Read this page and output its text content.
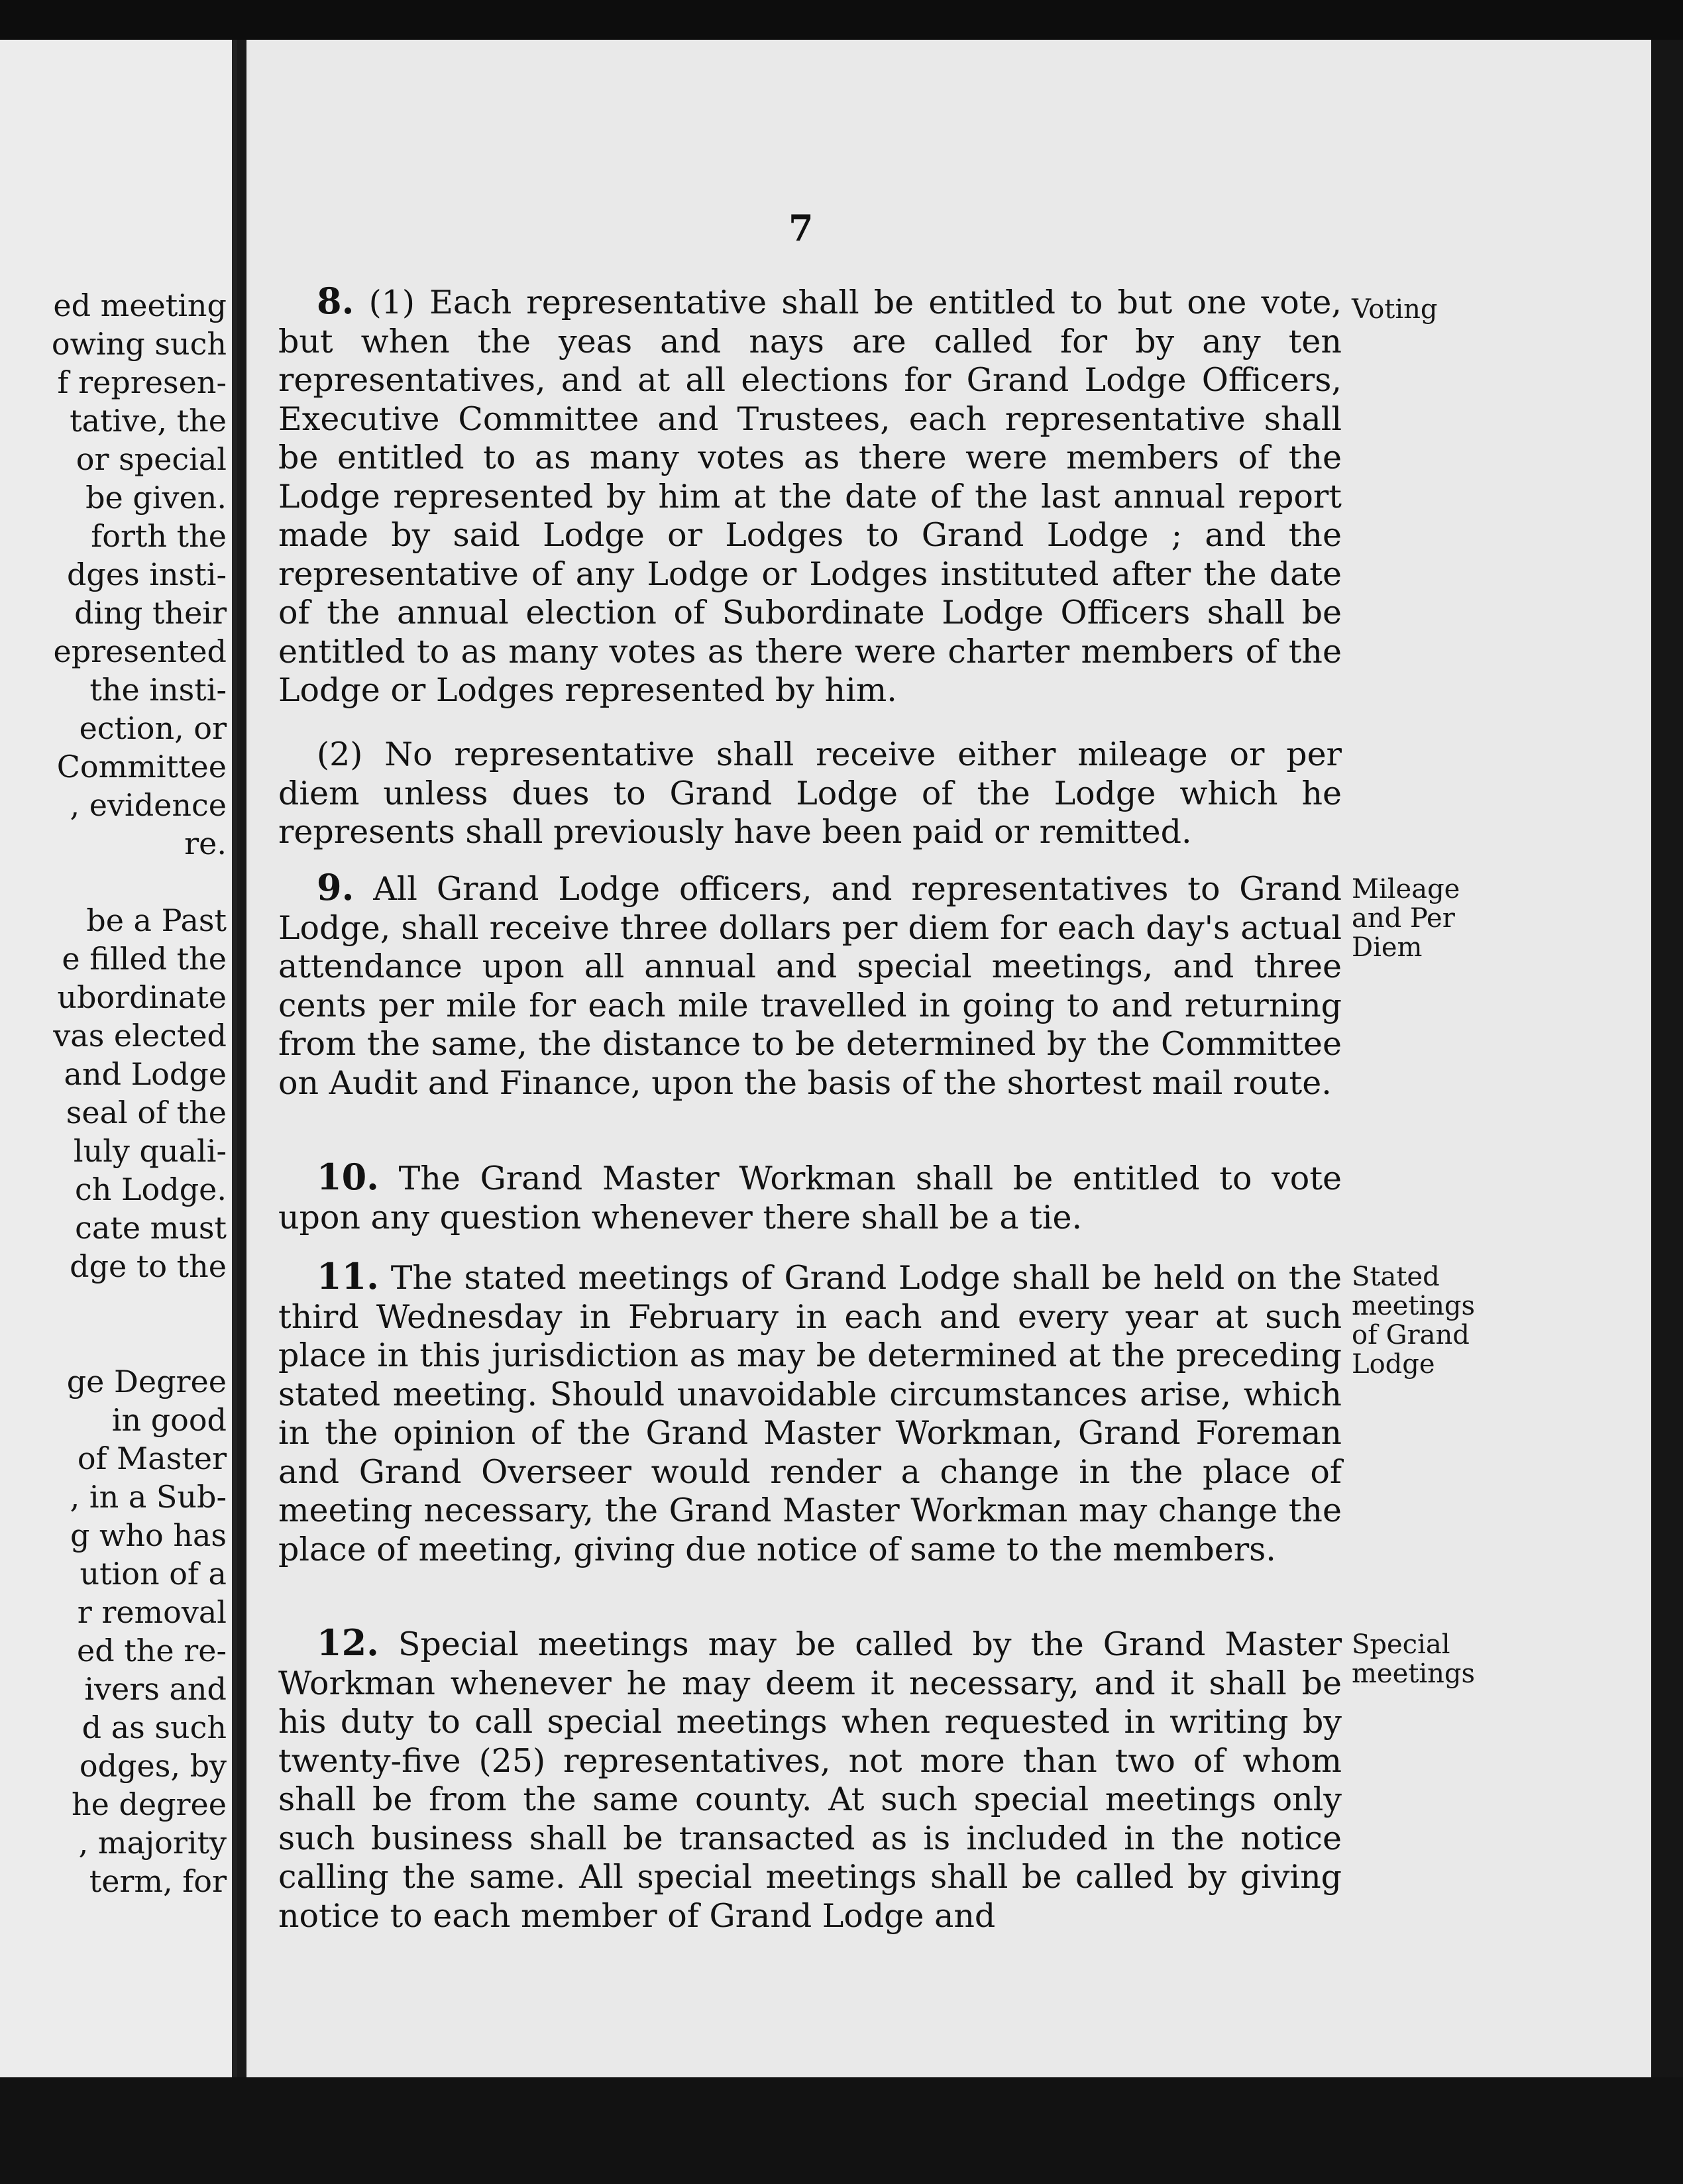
ed meeting
owing such
f represen-
tative, the
or special
be given.
forth the
dges insti-
ding their
epresented
the insti-
ection, or
Committee
, evidence
re.
be a Past
e filled the
ubordinate
vas elected
and Lodge
seal of the
luly quali-
ch Lodge.
cate must
dge to the
ge Degree
in good
of Master
, in a Sub-
g who has
ution of a
r removal
ed the re-
ivers and
d as such
odges, by
he degree
, majority
term, for
7
8. (1) Each representative shall be entitled to but one vote, but when the yeas and nays are called for by any ten representatives, and at all elections for Grand Lodge Officers, Executive Committee and Trustees, each representative shall be entitled to as many votes as there were members of the Lodge represented by him at the date of the last annual report made by said Lodge or Lodges to Grand Lodge ; and the representative of any Lodge or Lodges instituted after the date of the annual election of Subordinate Lodge Officers shall be entitled to as many votes as there were charter members of the Lodge or Lodges represented by him.
(2) No representative shall receive either mileage or per diem unless dues to Grand Lodge of the Lodge which he represents shall previously have been paid or remitted.
9. All Grand Lodge officers, and representatives to Grand Lodge, shall receive three dollars per diem for each day's actual attendance upon all annual and special meetings, and three cents per mile for each mile travelled in going to and returning from the same, the distance to be determined by the Committee on Audit and Finance, upon the basis of the shortest mail route.
10. The Grand Master Workman shall be entitled to vote upon any question whenever there shall be a tie.
11. The stated meetings of Grand Lodge shall be held on the third Wednesday in February in each and every year at such place in this jurisdiction as may be determined at the preceding stated meeting. Should unavoidable circumstances arise, which in the opinion of the Grand Master Workman, Grand Foreman and Grand Overseer would render a change in the place of meeting necessary, the Grand Master Workman may change the place of meeting, giving due notice of same to the members.
12. Special meetings may be called by the Grand Master Workman whenever he may deem it necessary, and it shall be his duty to call special meetings when requested in writing by twenty-five (25) representatives, not more than two of whom shall be from the same county. At such special meetings only such business shall be transacted as is included in the notice calling the same. All special meetings shall be called by giving notice to each member of Grand Lodge and
Voting
Mileage and Per Diem
Stated meetings of Grand Lodge
Special meetings
